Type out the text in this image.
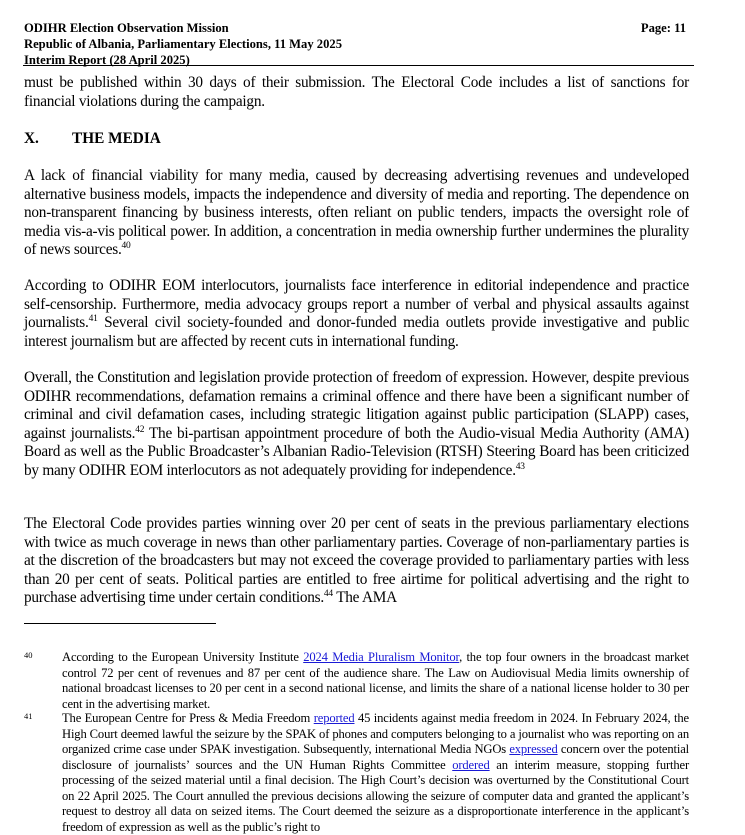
ODIHR Election Observation Mission
Republic of Albania, Parliamentary Elections, 11 May 2025
Interim Report (28 April 2025)
Page: 11

must be published within 30 days of their submission. The Electoral Code includes a list of sanctions for financial violations during the campaign.

X. THE MEDIA

A lack of financial viability for many media, caused by decreasing advertising revenues and undeveloped alternative business models, impacts the independence and diversity of media and reporting. The dependence on non-transparent financing by business interests, often reliant on public tenders, impacts the oversight role of media vis-a-vis political power. In addition, a concentration in media ownership further undermines the plurality of news sources.$^{40}$

According to ODIHR EOM interlocutors, journalists face interference in editorial independence and practice self-censorship. Furthermore, media advocacy groups report a number of verbal and physical assaults against journalists.$^{41}$ Several civil society-founded and donor-funded media outlets provide investigative and public interest journalism but are affected by recent cuts in international funding.

Overall, the Constitution and legislation provide protection of freedom of expression. However, despite previous ODIHR recommendations, defamation remains a criminal offence and there have been a significant number of criminal and civil defamation cases, including strategic litigation against public participation (SLAPP) cases, against journalists.$^{42}$ The bi-partisan appointment procedure of both the Audio-visual Media Authority (AMA) Board as well as the Public Broadcaster’s Albanian Radio-Television (RTSH) Steering Board has been criticized by many ODIHR EOM interlocutors as not adequately providing for independence.$^{43}$

The Electoral Code provides parties winning over 20 per cent of seats in the previous parliamentary elections with twice as much coverage in news than other parliamentary parties. Coverage of non-parliamentary parties is at the discretion of the broadcasters but may not exceed the coverage provided to parliamentary parties with less than 20 per cent of seats. Political parties are entitled to free airtime for political advertising and the right to purchase advertising time under certain conditions.$^{44}$ The AMA

40 According to the European University Institute 2024 Media Pluralism Monitor, the top four owners in the broadcast market control 72 per cent of revenues and 87 per cent of the audience share. The Law on Audiovisual Media limits ownership of national broadcast licenses to 20 per cent in a second national license, and limits the share of a national license holder to 30 per cent in the advertising market.
41 The European Centre for Press & Media Freedom reported 45 incidents against media freedom in 2024. In February 2024, the High Court deemed lawful the seizure by the SPAK of phones and computers belonging to a journalist who was reporting on an organized crime case under SPAK investigation. Subsequently, international Media NGOs expressed concern over the potential disclosure of journalists’ sources and the UN Human Rights Committee ordered an interim measure, stopping further processing of the seized material until a final decision. The High Court’s decision was overturned by the Constitutional Court on 22 April 2025. The Court annulled the previous decisions allowing the seizure of computer data and granted the applicant’s request to destroy all data on seized items. The Court deemed the seizure as a disproportionate interference in the applicant’s freedom of expression as well as the public’s right to
